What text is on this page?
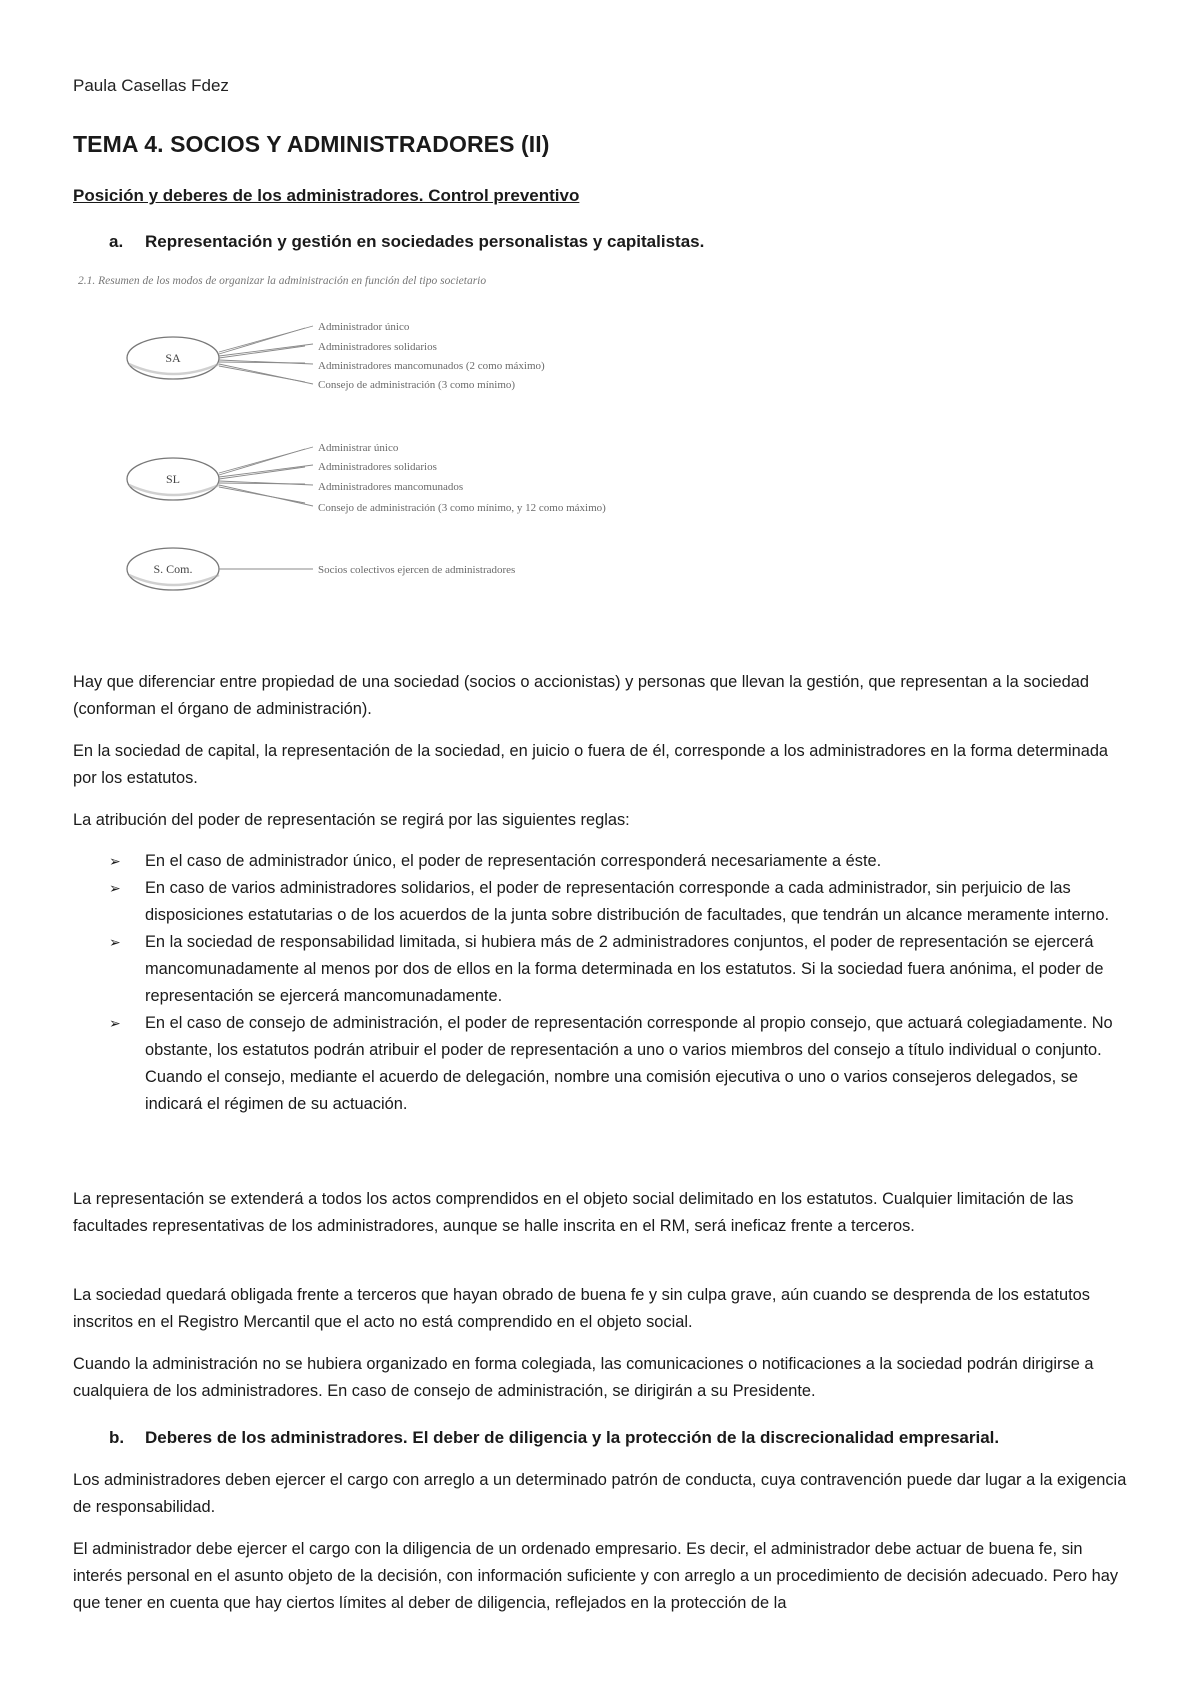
Paula Casellas Fdez
TEMA 4. SOCIOS Y ADMINISTRADORES (II)
Posición y deberes de los administradores. Control preventivo
a. Representación y gestión en sociedades personalistas y capitalistas.
2.1. Resumen de los modos de organizar la administración en función del tipo societario
SA
Administrador único
Administradores solidarios
Administradores mancomunados (2 como máximo)
Consejo de administración (3 como mínimo)
SL
Administrar único
Administradores solidarios
Administradores mancomunados
Consejo de administración (3 como mínimo, y 12 como máximo)
S. Com.	Socios colectivos ejercen de administradores

Hay que diferenciar entre propiedad de una sociedad (socios o accionistas) y personas que llevan la gestión, que representan a la sociedad (conforman el órgano de administración).

En la sociedad de capital, la representación de la sociedad, en juicio o fuera de él, corresponde a los administradores en la forma determinada por los estatutos.

La atribución del poder de representación se regirá por las siguientes reglas:

➢ En el caso de administrador único, el poder de representación corresponderá necesariamente a éste.
➢ En caso de varios administradores solidarios, el poder de representación corresponde a cada administrador, sin perjuicio de las disposiciones estatutarias o de los acuerdos de la junta sobre distribución de facultades, que tendrán un alcance meramente interno.
➢ En la sociedad de responsabilidad limitada, si hubiera más de 2 administradores conjuntos, el poder de representación se ejercerá mancomunadamente al menos por dos de ellos en la forma determinada en los estatutos. Si la sociedad fuera anónima, el poder de representación se ejercerá mancomunadamente.
➢ En el caso de consejo de administración, el poder de representación corresponde al propio consejo, que actuará colegiadamente. No obstante, los estatutos podrán atribuir el poder de representación a uno o varios miembros del consejo a título individual o conjunto.
Cuando el consejo, mediante el acuerdo de delegación, nombre una comisión ejecutiva o uno o varios consejeros delegados, se indicará el régimen de su actuación.

La representación se extenderá a todos los actos comprendidos en el objeto social delimitado en los estatutos. Cualquier limitación de las facultades representativas de los administradores, aunque se halle inscrita en el RM, será ineficaz frente a terceros.

La sociedad quedará obligada frente a terceros que hayan obrado de buena fe y sin culpa grave, aún cuando se desprenda de los estatutos inscritos en el Registro Mercantil que el acto no está comprendido en el objeto social.

Cuando la administración no se hubiera organizado en forma colegiada, las comunicaciones o notificaciones a la sociedad podrán dirigirse a cualquiera de los administradores. En caso de consejo de administración, se dirigirán a su Presidente.

b. Deberes de los administradores. El deber de diligencia y la protección de la discrecionalidad empresarial.

Los administradores deben ejercer el cargo con arreglo a un determinado patrón de conducta, cuya contravención puede dar lugar a la exigencia de responsabilidad.

El administrador debe ejercer el cargo con la diligencia de un ordenado empresario. Es decir, el administrador debe actuar de buena fe, sin interés personal en el asunto objeto de la decisión, con información suficiente y con arreglo a un procedimiento de decisión adecuado. Pero hay que tener en cuenta que hay ciertos límites al deber de diligencia, reflejados en la protección de la
